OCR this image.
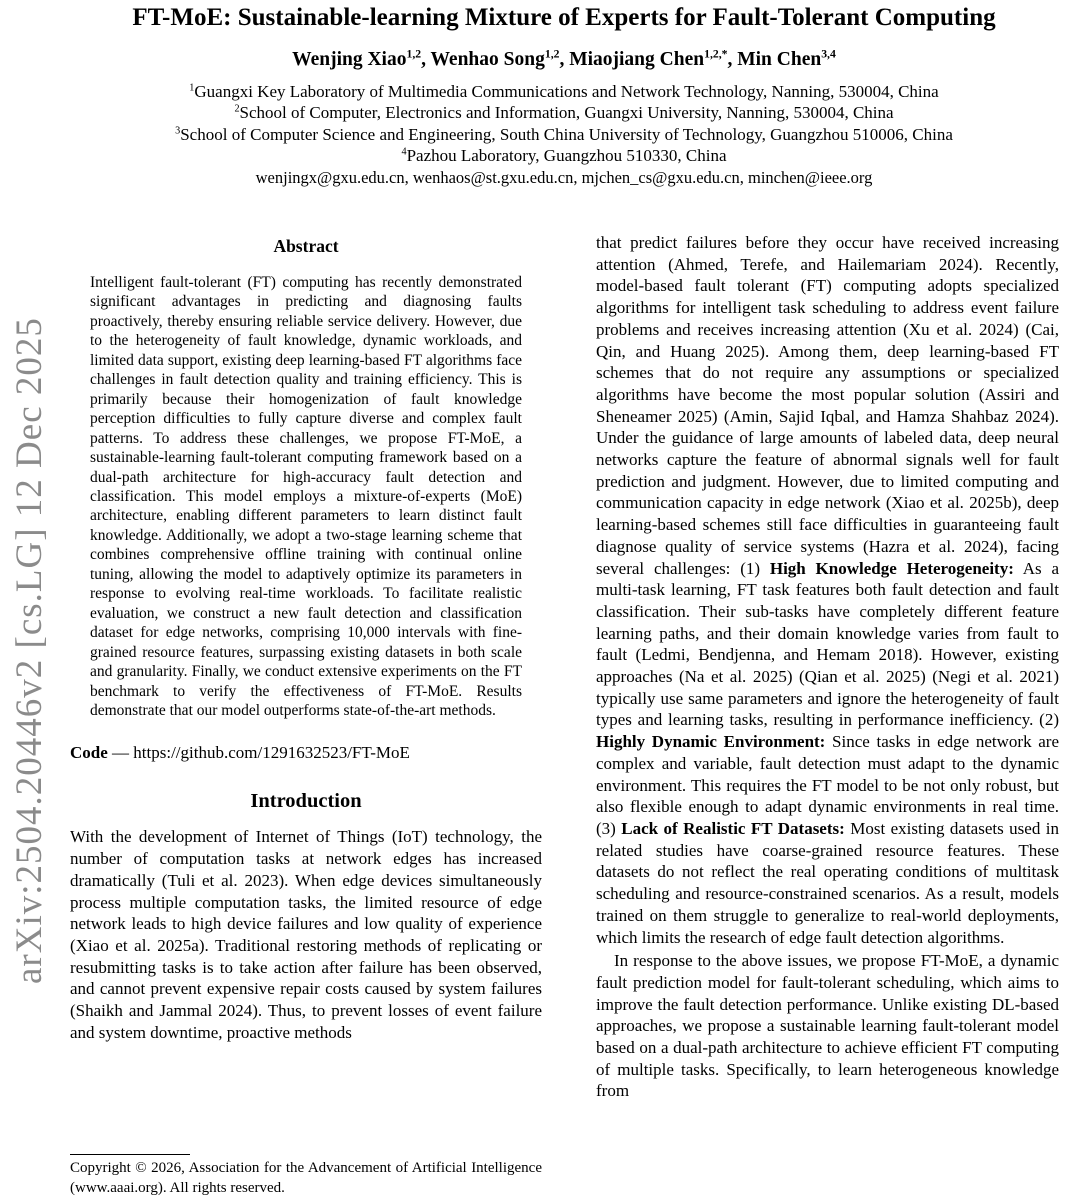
arXiv:2504.20446v2 [cs.LG] 12 Dec 2025
FT-MoE: Sustainable-learning Mixture of Experts for Fault-Tolerant Computing
Wenjing Xiao$^{1,2}$, Wenhao Song$^{1,2}$, Miaojiang Chen$^{1,2,*}$, Min Chen$^{3,4}$
$^1$Guangxi Key Laboratory of Multimedia Communications and Network Technology, Nanning, 530004, China
$^2$School of Computer, Electronics and Information, Guangxi University, Nanning, 530004, China
$^3$School of Computer Science and Engineering, South China University of Technology, Guangzhou 510006, China
$^4$Pazhou Laboratory, Guangzhou 510330, China
wenjingx@gxu.edu.cn, wenhaos@st.gxu.edu.cn, mjchen_cs@gxu.edu.cn, minchen@ieee.org
Abstract

Intelligent fault-tolerant (FT) computing has recently demonstrated significant advantages in predicting and diagnosing faults proactively, thereby ensuring reliable service delivery. However, due to the heterogeneity of fault knowledge, dynamic workloads, and limited data support, existing deep learning-based FT algorithms face challenges in fault detection quality and training efficiency. This is primarily because their homogenization of fault knowledge perception difficulties to fully capture diverse and complex fault patterns. To address these challenges, we propose FT-MoE, a sustainable-learning fault-tolerant computing framework based on a dual-path architecture for high-accuracy fault detection and classification. This model employs a mixture-of-experts (MoE) architecture, enabling different parameters to learn distinct fault knowledge. Additionally, we adopt a two-stage learning scheme that combines comprehensive offline training with continual online tuning, allowing the model to adaptively optimize its parameters in response to evolving real-time workloads. To facilitate realistic evaluation, we construct a new fault detection and classification dataset for edge networks, comprising 10,000 intervals with fine-grained resource features, surpassing existing datasets in both scale and granularity. Finally, we conduct extensive experiments on the FT benchmark to verify the effectiveness of FT-MoE. Results demonstrate that our model outperforms state-of-the-art methods.

Code — https://github.com/1291632523/FT-MoE

Introduction

With the development of Internet of Things (IoT) technology, the number of computation tasks at network edges has increased dramatically (Tuli et al. 2023). When edge devices simultaneously process multiple computation tasks, the limited resource of edge network leads to high device failures and low quality of experience (Xiao et al. 2025a). Traditional restoring methods of replicating or resubmitting tasks is to take action after failure has been observed, and cannot prevent expensive repair costs caused by system failures (Shaikh and Jammal 2024). Thus, to prevent losses of event failure and system downtime, proactive methods

Copyright © 2026, Association for the Advancement of Artificial Intelligence (www.aaai.org). All rights reserved.

that predict failures before they occur have received increasing attention (Ahmed, Terefe, and Hailemariam 2024). Recently, model-based fault tolerant (FT) computing adopts specialized algorithms for intelligent task scheduling to address event failure problems and receives increasing attention (Xu et al. 2024) (Cai, Qin, and Huang 2025). Among them, deep learning-based FT schemes that do not require any assumptions or specialized algorithms have become the most popular solution (Assiri and Sheneamer 2025) (Amin, Sajid Iqbal, and Hamza Shahbaz 2024). Under the guidance of large amounts of labeled data, deep neural networks capture the feature of abnormal signals well for fault prediction and judgment. However, due to limited computing and communication capacity in edge network (Xiao et al. 2025b), deep learning-based schemes still face difficulties in guaranteeing fault diagnose quality of service systems (Hazra et al. 2024), facing several challenges: (1) High Knowledge Heterogeneity: As a multi-task learning, FT task features both fault detection and fault classification. Their sub-tasks have completely different feature learning paths, and their domain knowledge varies from fault to fault (Ledmi, Bendjenna, and Hemam 2018). However, existing approaches (Na et al. 2025) (Qian et al. 2025) (Negi et al. 2021) typically use same parameters and ignore the heterogeneity of fault types and learning tasks, resulting in performance inefficiency. (2) Highly Dynamic Environment: Since tasks in edge network are complex and variable, fault detection must adapt to the dynamic environment. This requires the FT model to be not only robust, but also flexible enough to adapt dynamic environments in real time. (3) Lack of Realistic FT Datasets: Most existing datasets used in related studies have coarse-grained resource features. These datasets do not reflect the real operating conditions of multitask scheduling and resource-constrained scenarios. As a result, models trained on them struggle to generalize to real-world deployments, which limits the research of edge fault detection algorithms.

In response to the above issues, we propose FT-MoE, a dynamic fault prediction model for fault-tolerant scheduling, which aims to improve the fault detection performance. Unlike existing DL-based approaches, we propose a sustainable learning fault-tolerant model based on a dual-path architecture to achieve efficient FT computing of multiple tasks. Specifically, to learn heterogeneous knowledge from
